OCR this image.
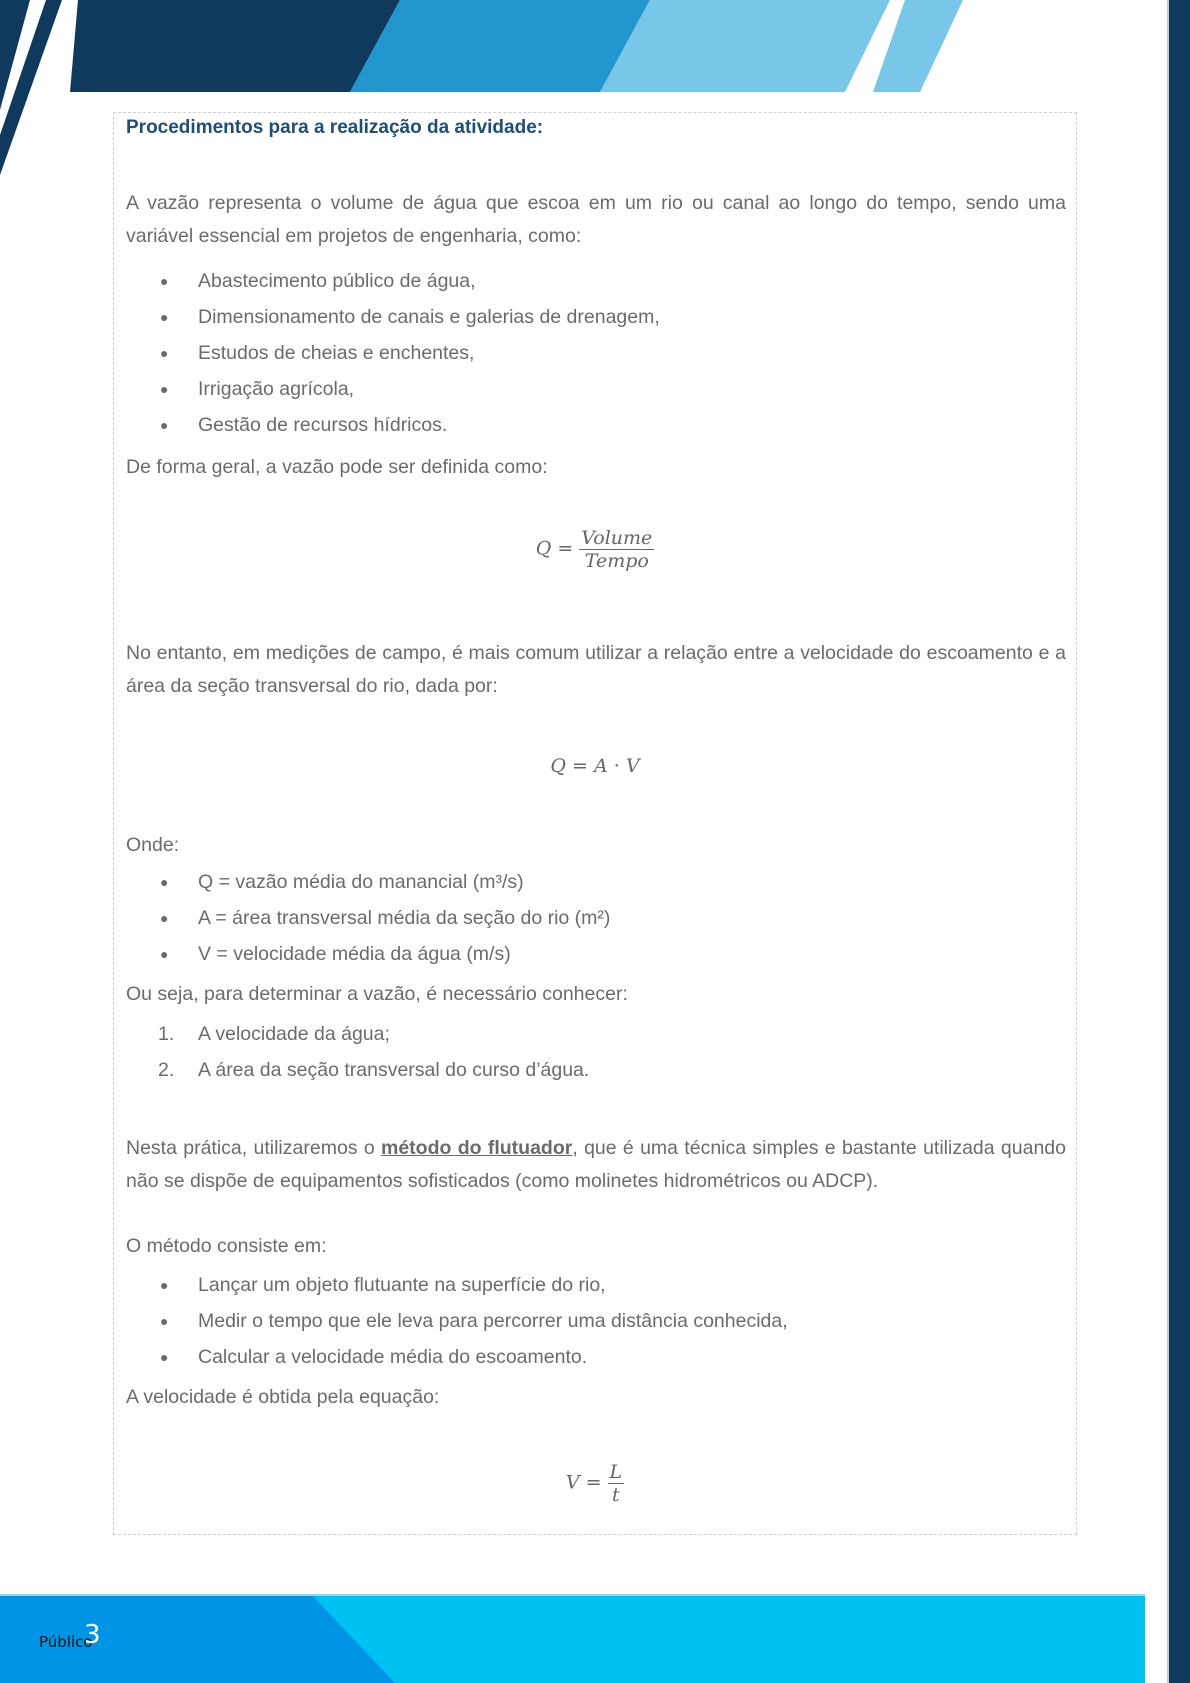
Procedimentos para a realização da atividade:

A vazão representa o volume de água que escoa em um rio ou canal ao longo do tempo, sendo uma variável essencial em projetos de engenharia, como:

● Abastecimento público de água,
● Dimensionamento de canais e galerias de drenagem,
● Estudos de cheias e enchentes,
● Irrigação agrícola,
● Gestão de recursos hídricos.

De forma geral, a vazão pode ser definida como:

$Q = \frac{\text{Volume}}{\text{Tempo}}$

No entanto, em medições de campo, é mais comum utilizar a relação entre a velocidade do escoamento e a área da seção transversal do rio, dada por:

Q = A · V

Onde:

● Q = vazão média do manancial (m³/s)
● A = área transversal média da seção do rio (m²)
● V = velocidade média da água (m/s)

Ou seja, para determinar a vazão, é necessário conhecer:

1. A velocidade da água;
2. A área da seção transversal do curso d’água.

Nesta prática, utilizaremos o método do flutuador, que é uma técnica simples e bastante utilizada quando não se dispõe de equipamentos sofisticados (como molinetes hidrométricos ou ADCP).

O método consiste em:

● Lançar um objeto flutuante na superfície do rio,
● Medir o tempo que ele leva para percorrer uma distância conhecida,
● Calcular a velocidade média do escoamento.

A velocidade é obtida pela equação:

$V = \frac{L}{t}$
Público
3
